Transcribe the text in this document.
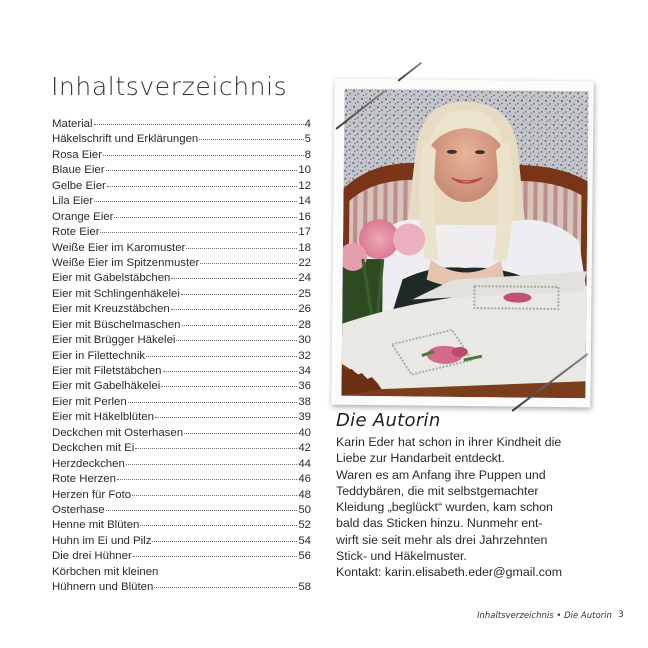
Inhaltsverzeichnis
Material	4
Häkelschrift und Erklärungen	5
Rosa Eier	8
Blaue Eier	10
Gelbe Eier	12
Lila Eier	14
Orange Eier	16
Rote Eier	17
Weiße Eier im Karomuster	18
Weiße Eier im Spitzenmuster	22
Eier mit Gabelstäbchen	24
Eier mit Schlingenhäkelei	25
Eier mit Kreuzstäbchen	26
Eier mit Büschelmaschen	28
Eier mit Brügger Häkelei	30
Eier in Filettechnik	32
Eier mit Filetstäbchen	34
Eier mit Gabelhäkelei	36
Eier mit Perlen	38
Eier mit Häkelblüten	39
Deckchen mit Osterhasen	40
Deckchen mit Ei	42
Herzdeckchen	44
Rote Herzen	46
Herzen für Foto	48
Osterhase	50
Henne mit Blüten	52
Huhn im Ei und Pilz	54
Die drei Hühner	56
Körbchen mit kleinen
Hühnern und Blüten	58
Die Autorin
Karin Eder hat schon in ihrer Kindheit die
Liebe zur Handarbeit entdeckt.
Waren es am Anfang ihre Puppen und
Teddybären, die mit selbstgemachter
Kleidung „beglückt“ wurden, kam schon
bald das Sticken hinzu. Nunmehr ent-
wirft sie seit mehr als drei Jahrzehnten
Stick- und Häkelmuster.
Kontakt: karin.elisabeth.eder@gmail.com
Inhaltsverzeichnis • Die Autorin 3
